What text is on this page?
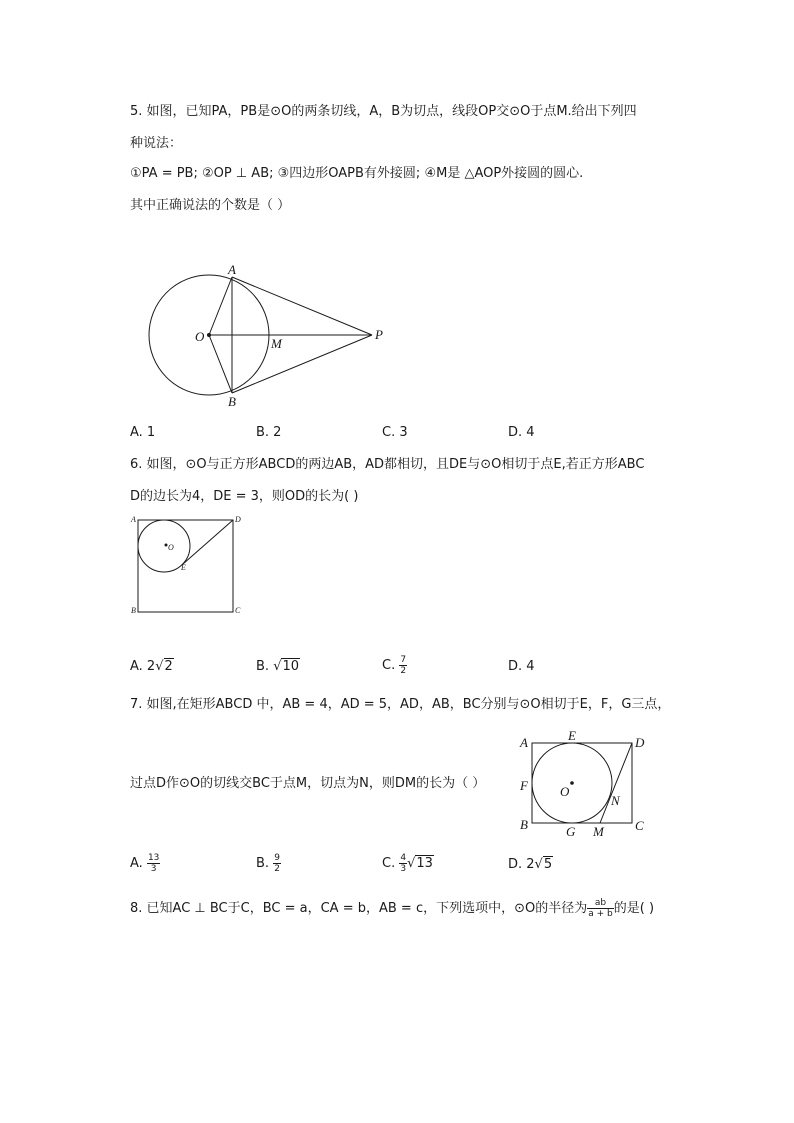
5. 如图，已知PA，PB是⊙O的两条切线，A，B为切点，线段OP交⊙O于点M.给出下列四
种说法：
①PA = PB; ②OP ⊥ AB; ③四边形OAPB有外接圆; ④M是 △AOP外接圆的圆心.
其中正确说法的个数是（ ）
A
B
O	M
P
A. 1	B. 2	C. 3	D. 4
6. 如图，⊙O与正方形ABCD的两边AB，AD都相切，且DE与⊙O相切于点E,若正方形ABC
D的边长为4，DE = 3，则OD的长为( )
A	D
B	C
E
O
A. 2√2	B. √10	C. $\frac{7}{2}$	D. 4
7. 如图,在矩形ABCD 中，AB = 4，AD = 5，AD，AB，BC分别与⊙O相切于E，F，G三点，
过点D作⊙O的切线交BC于点M，切点为N，则DM的长为（ ）
A	E	D
F O
N
B	G M C
A. $\frac{13}{3}$	B. $\frac{9}{2}$	C. $\frac{4}{3} √13$	D. 2√5
8. 已知AC ⊥ BC于C，BC = a，CA = b，AB = c，下列选项中，⊙O的半径为 $\frac{ab}{a + b}$ 的是( )
